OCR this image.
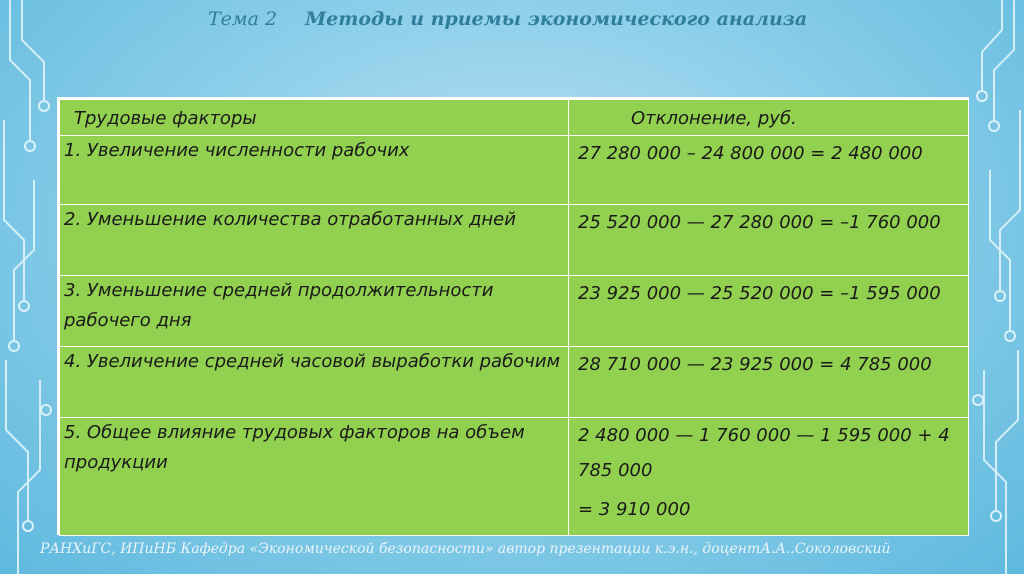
Тема 2 Методы и приемы экономического анализа
Трудовые факторы	Отклонение, руб.
1. Увеличение численности рабочих	27 280 000 – 24 800 000 = 2 480 000
2. Уменьшение количества отработанных дней	25 520 000 — 27 280 000 = –1 760 000
3. Уменьшение средней продолжительности рабочего дня	23 925 000 — 25 520 000 = –1 595 000
4. Увеличение средней часовой выработки рабочим	28 710 000 — 23 925 000 = 4 785 000
5. Общее влияние трудовых факторов на объем продукции	2 480 000 — 1 760 000 — 1 595 000 + 4 785 000
= 3 910 000
РАНХиГС, ИПиНБ Кафедра «Экономической безопасности» автор презентации к.э.н., доцентА.А..Соколовский
